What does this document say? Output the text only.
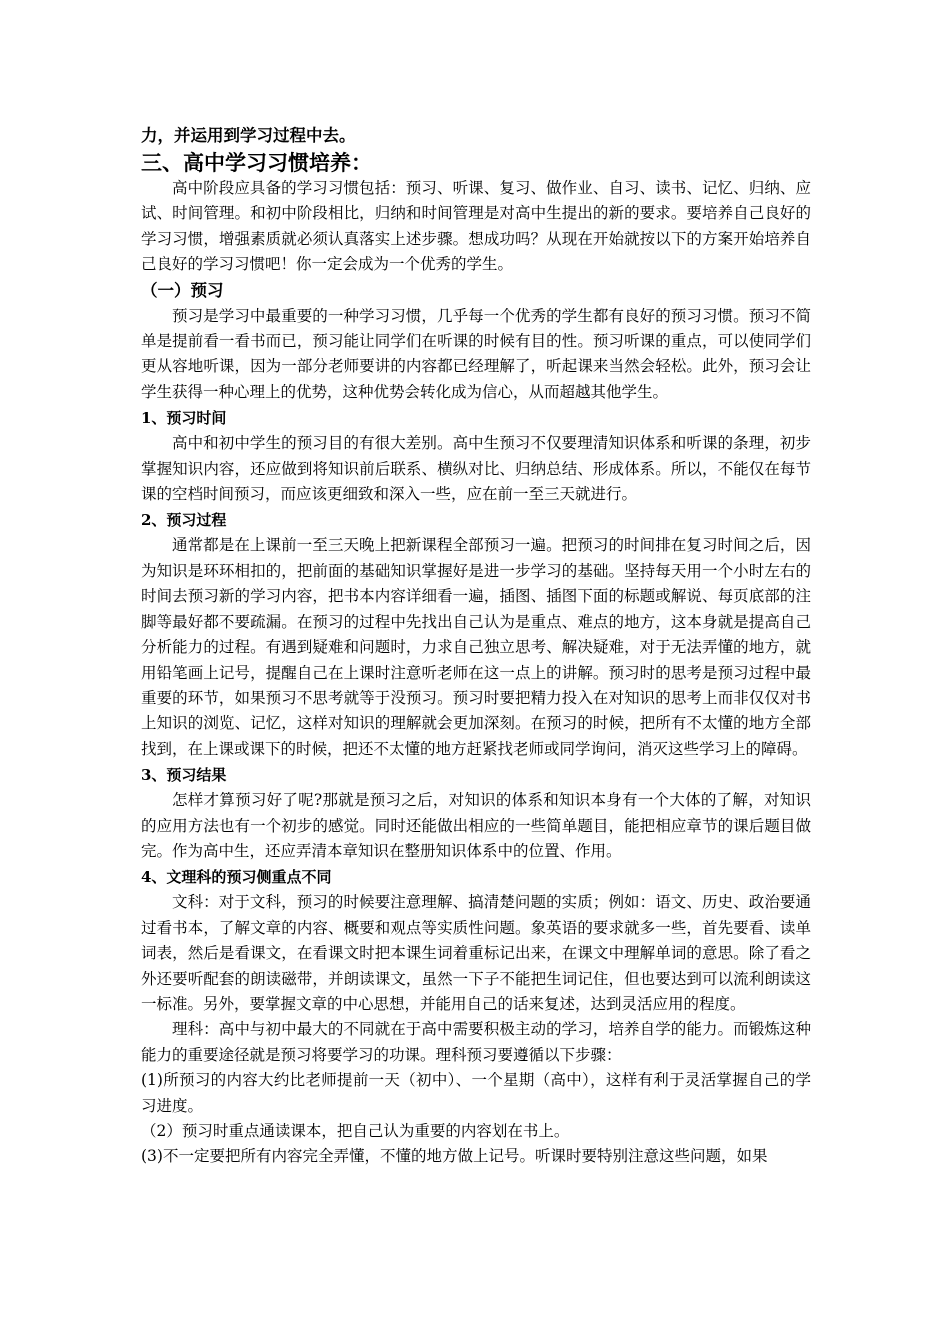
力，并运用到学习过程中去。

三、高中学习习惯培养：

高中阶段应具备的学习习惯包括：预习、听课、复习、做作业、自习、读书、记忆、归纳、应试、时间管理。和初中阶段相比，归纳和时间管理是对高中生提出的新的要求。要培养自己良好的学习习惯，增强素质就必须认真落实上述步骤。想成功吗？从现在开始就按以下的方案开始培养自己良好的学习习惯吧！你一定会成为一个优秀的学生。

（一）预习

预习是学习中最重要的一种学习习惯，几乎每一个优秀的学生都有良好的预习习惯。预习不简单是提前看一看书而已，预习能让同学们在听课的时候有目的性。预习听课的重点，可以使同学们更从容地听课，因为一部分老师要讲的内容都已经理解了，听起课来当然会轻松。此外，预习会让学生获得一种心理上的优势，这种优势会转化成为信心，从而超越其他学生。

1、预习时间

高中和初中学生的预习目的有很大差别。高中生预习不仅要理清知识体系和听课的条理，初步掌握知识内容，还应做到将知识前后联系、横纵对比、归纳总结、形成体系。所以，不能仅在每节课的空档时间预习，而应该更细致和深入一些，应在前一至三天就进行。

2、预习过程

通常都是在上课前一至三天晚上把新课程全部预习一遍。把预习的时间排在复习时间之后，因为知识是环环相扣的，把前面的基础知识掌握好是进一步学习的基础。坚持每天用一个小时左右的时间去预习新的学习内容，把书本内容详细看一遍，插图、插图下面的标题或解说、每页底部的注脚等最好都不要疏漏。在预习的过程中先找出自己认为是重点、难点的地方，这本身就是提高自己分析能力的过程。有遇到疑难和问题时，力求自己独立思考、解决疑难，对于无法弄懂的地方，就用铅笔画上记号，提醒自己在上课时注意听老师在这一点上的讲解。预习时的思考是预习过程中最重要的环节，如果预习不思考就等于没预习。预习时要把精力投入在对知识的思考上而非仅仅对书上知识的浏览、记忆，这样对知识的理解就会更加深刻。在预习的时候，把所有不太懂的地方全部找到，在上课或课下的时候，把还不太懂的地方赶紧找老师或同学询问，消灭这些学习上的障碍。

3、预习结果

怎样才算预习好了呢?那就是预习之后，对知识的体系和知识本身有一个大体的了解，对知识的应用方法也有一个初步的感觉。同时还能做出相应的一些简单题目，能把相应章节的课后题目做完。作为高中生，还应弄清本章知识在整册知识体系中的位置、作用。

4、文理科的预习侧重点不同

文科：对于文科，预习的时候要注意理解、搞清楚问题的实质；例如：语文、历史、政治要通过看书本，了解文章的内容、概要和观点等实质性问题。象英语的要求就多一些，首先要看、读单词表，然后是看课文，在看课文时把本课生词着重标记出来，在课文中理解单词的意思。除了看之外还要听配套的朗读磁带，并朗读课文，虽然一下子不能把生词记住，但也要达到可以流利朗读这一标准。另外，要掌握文章的中心思想，并能用自己的话来复述，达到灵活应用的程度。

理科：高中与初中最大的不同就在于高中需要积极主动的学习，培养自学的能力。而锻炼这种能力的重要途径就是预习将要学习的功课。理科预习要遵循以下步骤：

(1)所预习的内容大约比老师提前一天（初中）、一个星期（高中），这样有利于灵活掌握自己的学习进度。

（2）预习时重点通读课本，把自己认为重要的内容划在书上。

(3)不一定要把所有内容完全弄懂，不懂的地方做上记号。听课时要特别注意这些问题，如果
